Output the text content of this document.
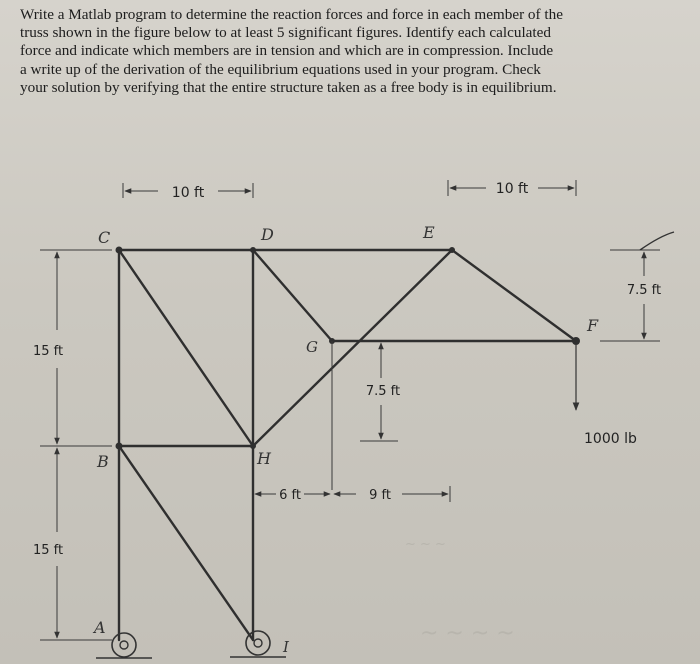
Write a Matlab program to determine the reaction forces and force in each member of the
truss shown in the figure below to at least 5 significant figures. Identify each calculated
force and indicate which members are in tension and which are in compression. Include
a write up of the derivation of the equilibrium equations used in your program. Check
your solution by verifying that the entire structure taken as a free body is in equilibrium.
~ ~ ~
~ ~ ~ ~
10 ft	10 ft
7.5 ft
15 ft
15 ft
7.5 ft
6 ft	9 ft
1000 lb
C	D	E
F
G
H
B
A
I
